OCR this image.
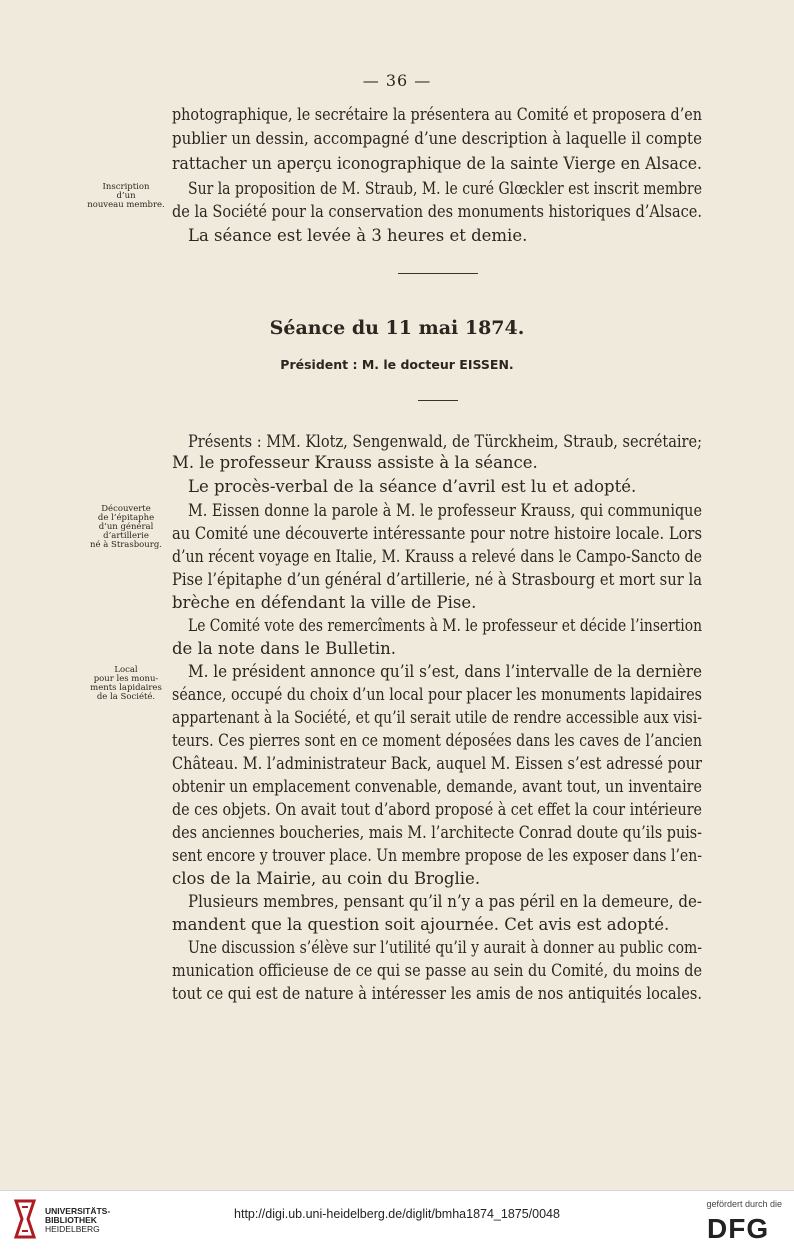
— 36 —
photographique, le secrétaire la présentera au Comité et proposera d’en
publier un dessin, accompagné d’une description à laquelle il compte
rattacher un aperçu iconographique de la sainte Vierge en Alsace.
Sur la proposition de M. Straub, M. le curé Glœckler est inscrit membre
de la Société pour la conservation des monuments historiques d’Alsace.
La séance est levée à 3 heures et demie.
Inscription
d’un
nouveau membre.
Séance du 11 mai 1874.
Président : M. le docteur EISSEN.
Présents : MM. Klotz, Sengenwald, de Türckheim, Straub, secrétaire;
M. le professeur Krauss assiste à la séance.
Le procès-verbal de la séance d’avril est lu et adopté.
M. Eissen donne la parole à M. le professeur Krauss, qui communique
au Comité une découverte intéressante pour notre histoire locale. Lors
d’un récent voyage en Italie, M. Krauss a relevé dans le Campo-Sancto de
Pise l’épitaphe d’un général d’artillerie, né à Strasbourg et mort sur la
brèche en défendant la ville de Pise.
Le Comité vote des remercîments à M. le professeur et décide l’insertion
de la note dans le Bulletin.
M. le président annonce qu’il s’est, dans l’intervalle de la dernière
séance, occupé du choix d’un local pour placer les monuments lapidaires
appartenant à la Société, et qu’il serait utile de rendre accessible aux visi-
teurs. Ces pierres sont en ce moment déposées dans les caves de l’ancien
Château. M. l’administrateur Back, auquel M. Eissen s’est adressé pour
obtenir un emplacement convenable, demande, avant tout, un inventaire
de ces objets. On avait tout d’abord proposé à cet effet la cour intérieure
des anciennes boucheries, mais M. l’architecte Conrad doute qu’ils puis-
sent encore y trouver place. Un membre propose de les exposer dans l’en-
clos de la Mairie, au coin du Broglie.
Plusieurs membres, pensant qu’il n’y a pas péril en la demeure, de-
mandent que la question soit ajournée. Cet avis est adopté.
Une discussion s’élève sur l’utilité qu’il y aurait à donner au public com-
munication officieuse de ce qui se passe au sein du Comité, du moins de
tout ce qui est de nature à intéresser les amis de nos antiquités locales.
Découverte
de l’épitaphe
d’un général
d’artillerie
né à Strasbourg.
Local
pour les monu-
ments lapidaires
de la Société.
UNIVERSITÄTS-
BIBLIOTHEK
HEIDELBERG
http://digi.ub.uni-heidelberg.de/diglit/bmha1874_1875/0048
gefördert durch die
DFG
